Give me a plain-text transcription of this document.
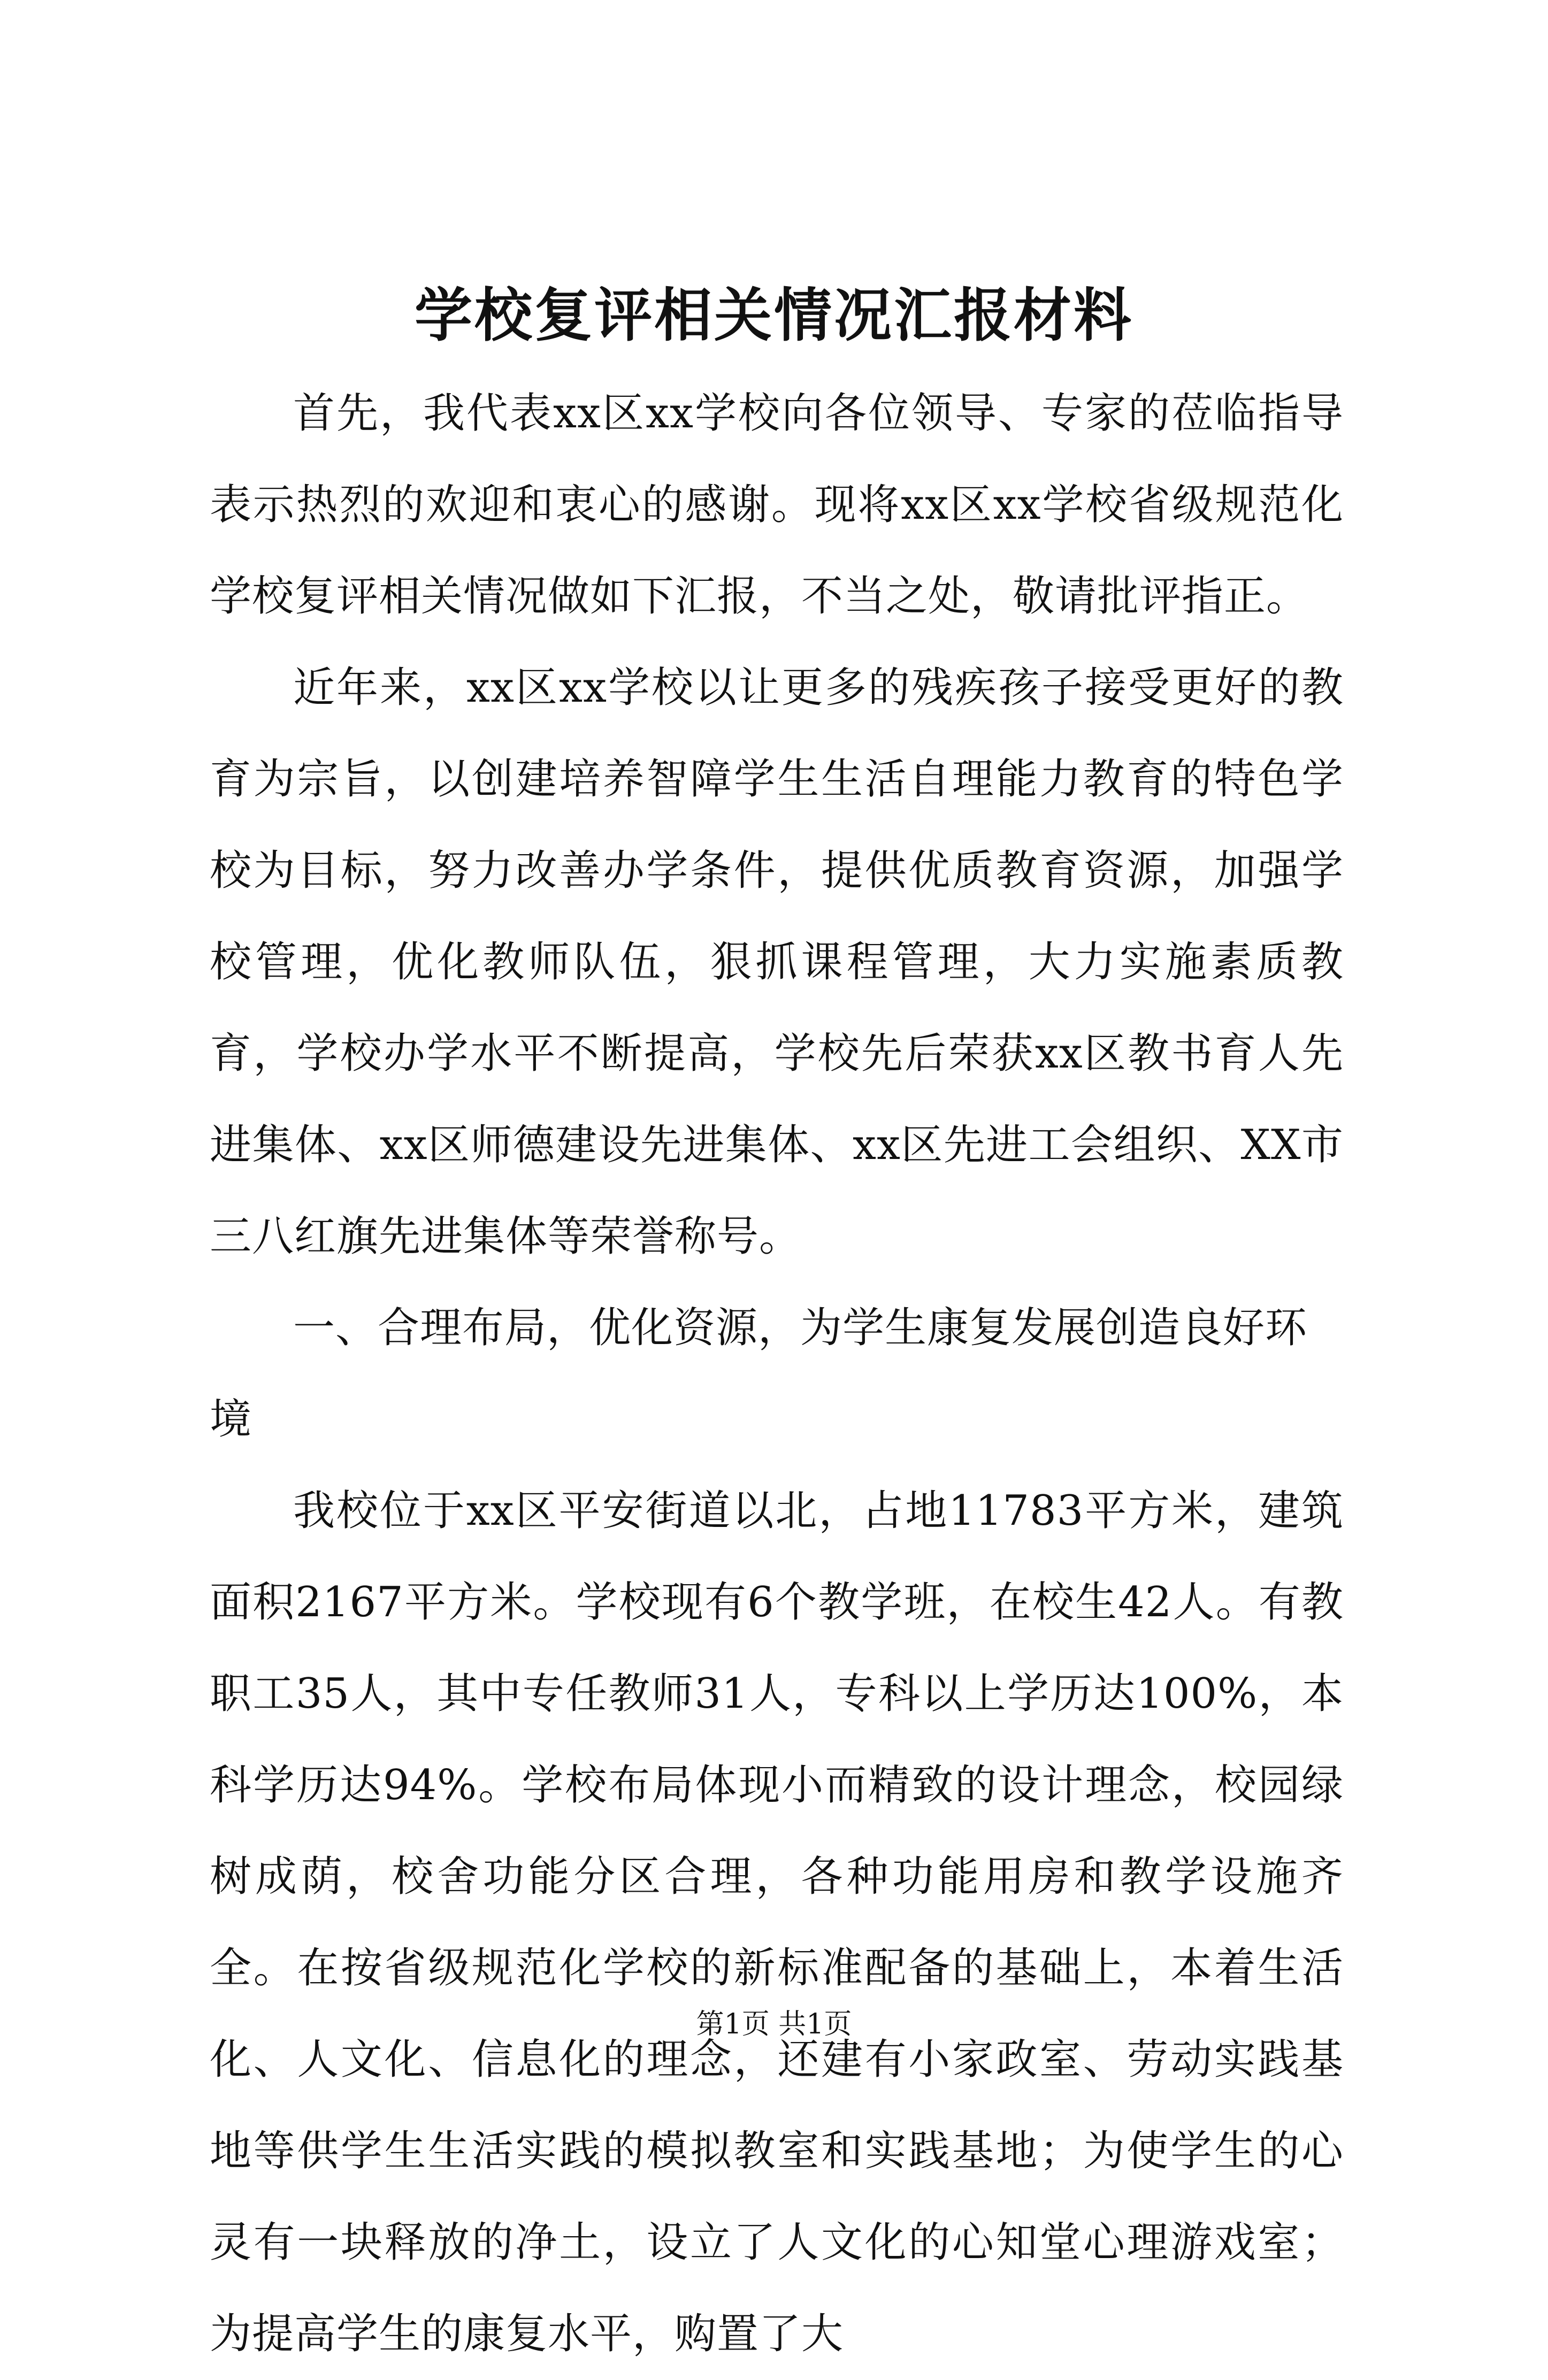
学校复评相关情况汇报材料

首先，我代表xx区xx学校向各位领导、专家的莅临指导表示热烈的欢迎和衷心的感谢。现将xx区xx学校省级规范化学校复评相关情况做如下汇报，不当之处，敬请批评指正。

近年来，xx区xx学校以让更多的残疾孩子接受更好的教育为宗旨，以创建培养智障学生生活自理能力教育的特色学校为目标，努力改善办学条件，提供优质教育资源，加强学校管理，优化教师队伍，狠抓课程管理，大力实施素质教育，学校办学水平不断提高，学校先后荣获xx区教书育人先进集体、xx区师德建设先进集体、xx区先进工会组织、XX市三八红旗先进集体等荣誉称号。

一、合理布局，优化资源，为学生康复发展创造良好环境

我校位于xx区平安街道以北，占地11783平方米，建筑面积2167平方米。学校现有6个教学班，在校生42人。有教职工35人，其中专任教师31人，专科以上学历达100%，本科学历达94%。学校布局体现小而精致的设计理念，校园绿树成荫，校舍功能分区合理，各种功能用房和教学设施齐全。在按省级规范化学校的新标准配备的基础上，本着生活化、人文化、信息化的理念，还建有小家政室、劳动实践基地等供学生生活实践的模拟教室和实践基地；为使学生的心灵有一块释放的净土，设立了人文化的心知堂心理游戏室；为提高学生的康复水平，购置了大

第1页 共1页
